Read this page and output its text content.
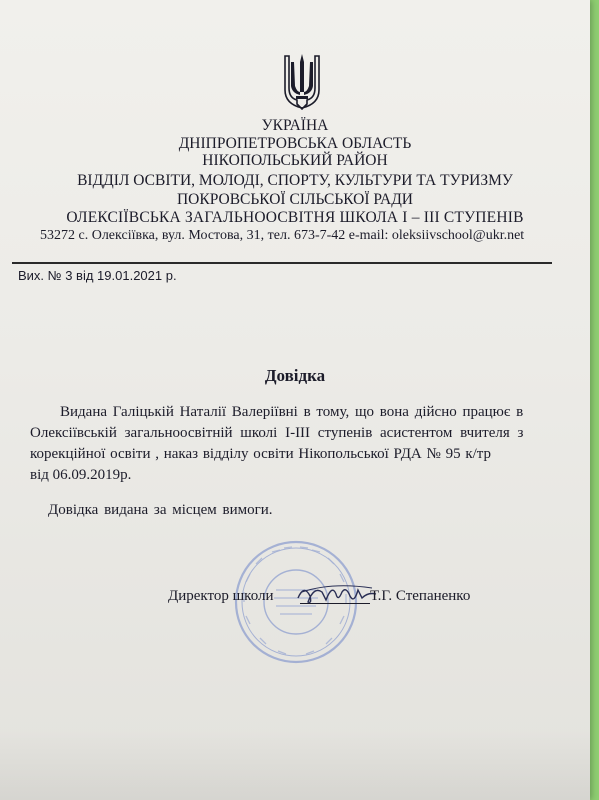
УКРАЇНА
ДНІПРОПЕТРОВСЬКА ОБЛАСТЬ
НІКОПОЛЬСЬКИЙ РАЙОН
ВІДДІЛ ОСВІТИ, МОЛОДІ, СПОРТУ, КУЛЬТУРИ ТА ТУРИЗМУ
ПОКРОВСЬКОЇ СІЛЬСЬКОЇ РАДИ
ОЛЕКСІЇВСЬКА ЗАГАЛЬНООСВІТНЯ ШКОЛА І – ІІІ СТУПЕНІВ
53272 с. Олексіївка, вул. Мостова, 31, тел. 673-7-42 e-mail: oleksiivschool@ukr.net
Вих. № 3 від 19.01.2021 р.
Довідка
Видана Галіцькій Наталії Валеріївні в тому, що вона дійсно працює в
Олексіївській загальноосвітній школі І-ІІІ ступенів асистентом вчителя з
корекційної освіти , наказ відділу освіти Нікопольської РДА № 95 к/тр
від 06.09.2019р.
Довідка видана за місцем вимоги.
Директор школи	Т.Г. Степаненко
